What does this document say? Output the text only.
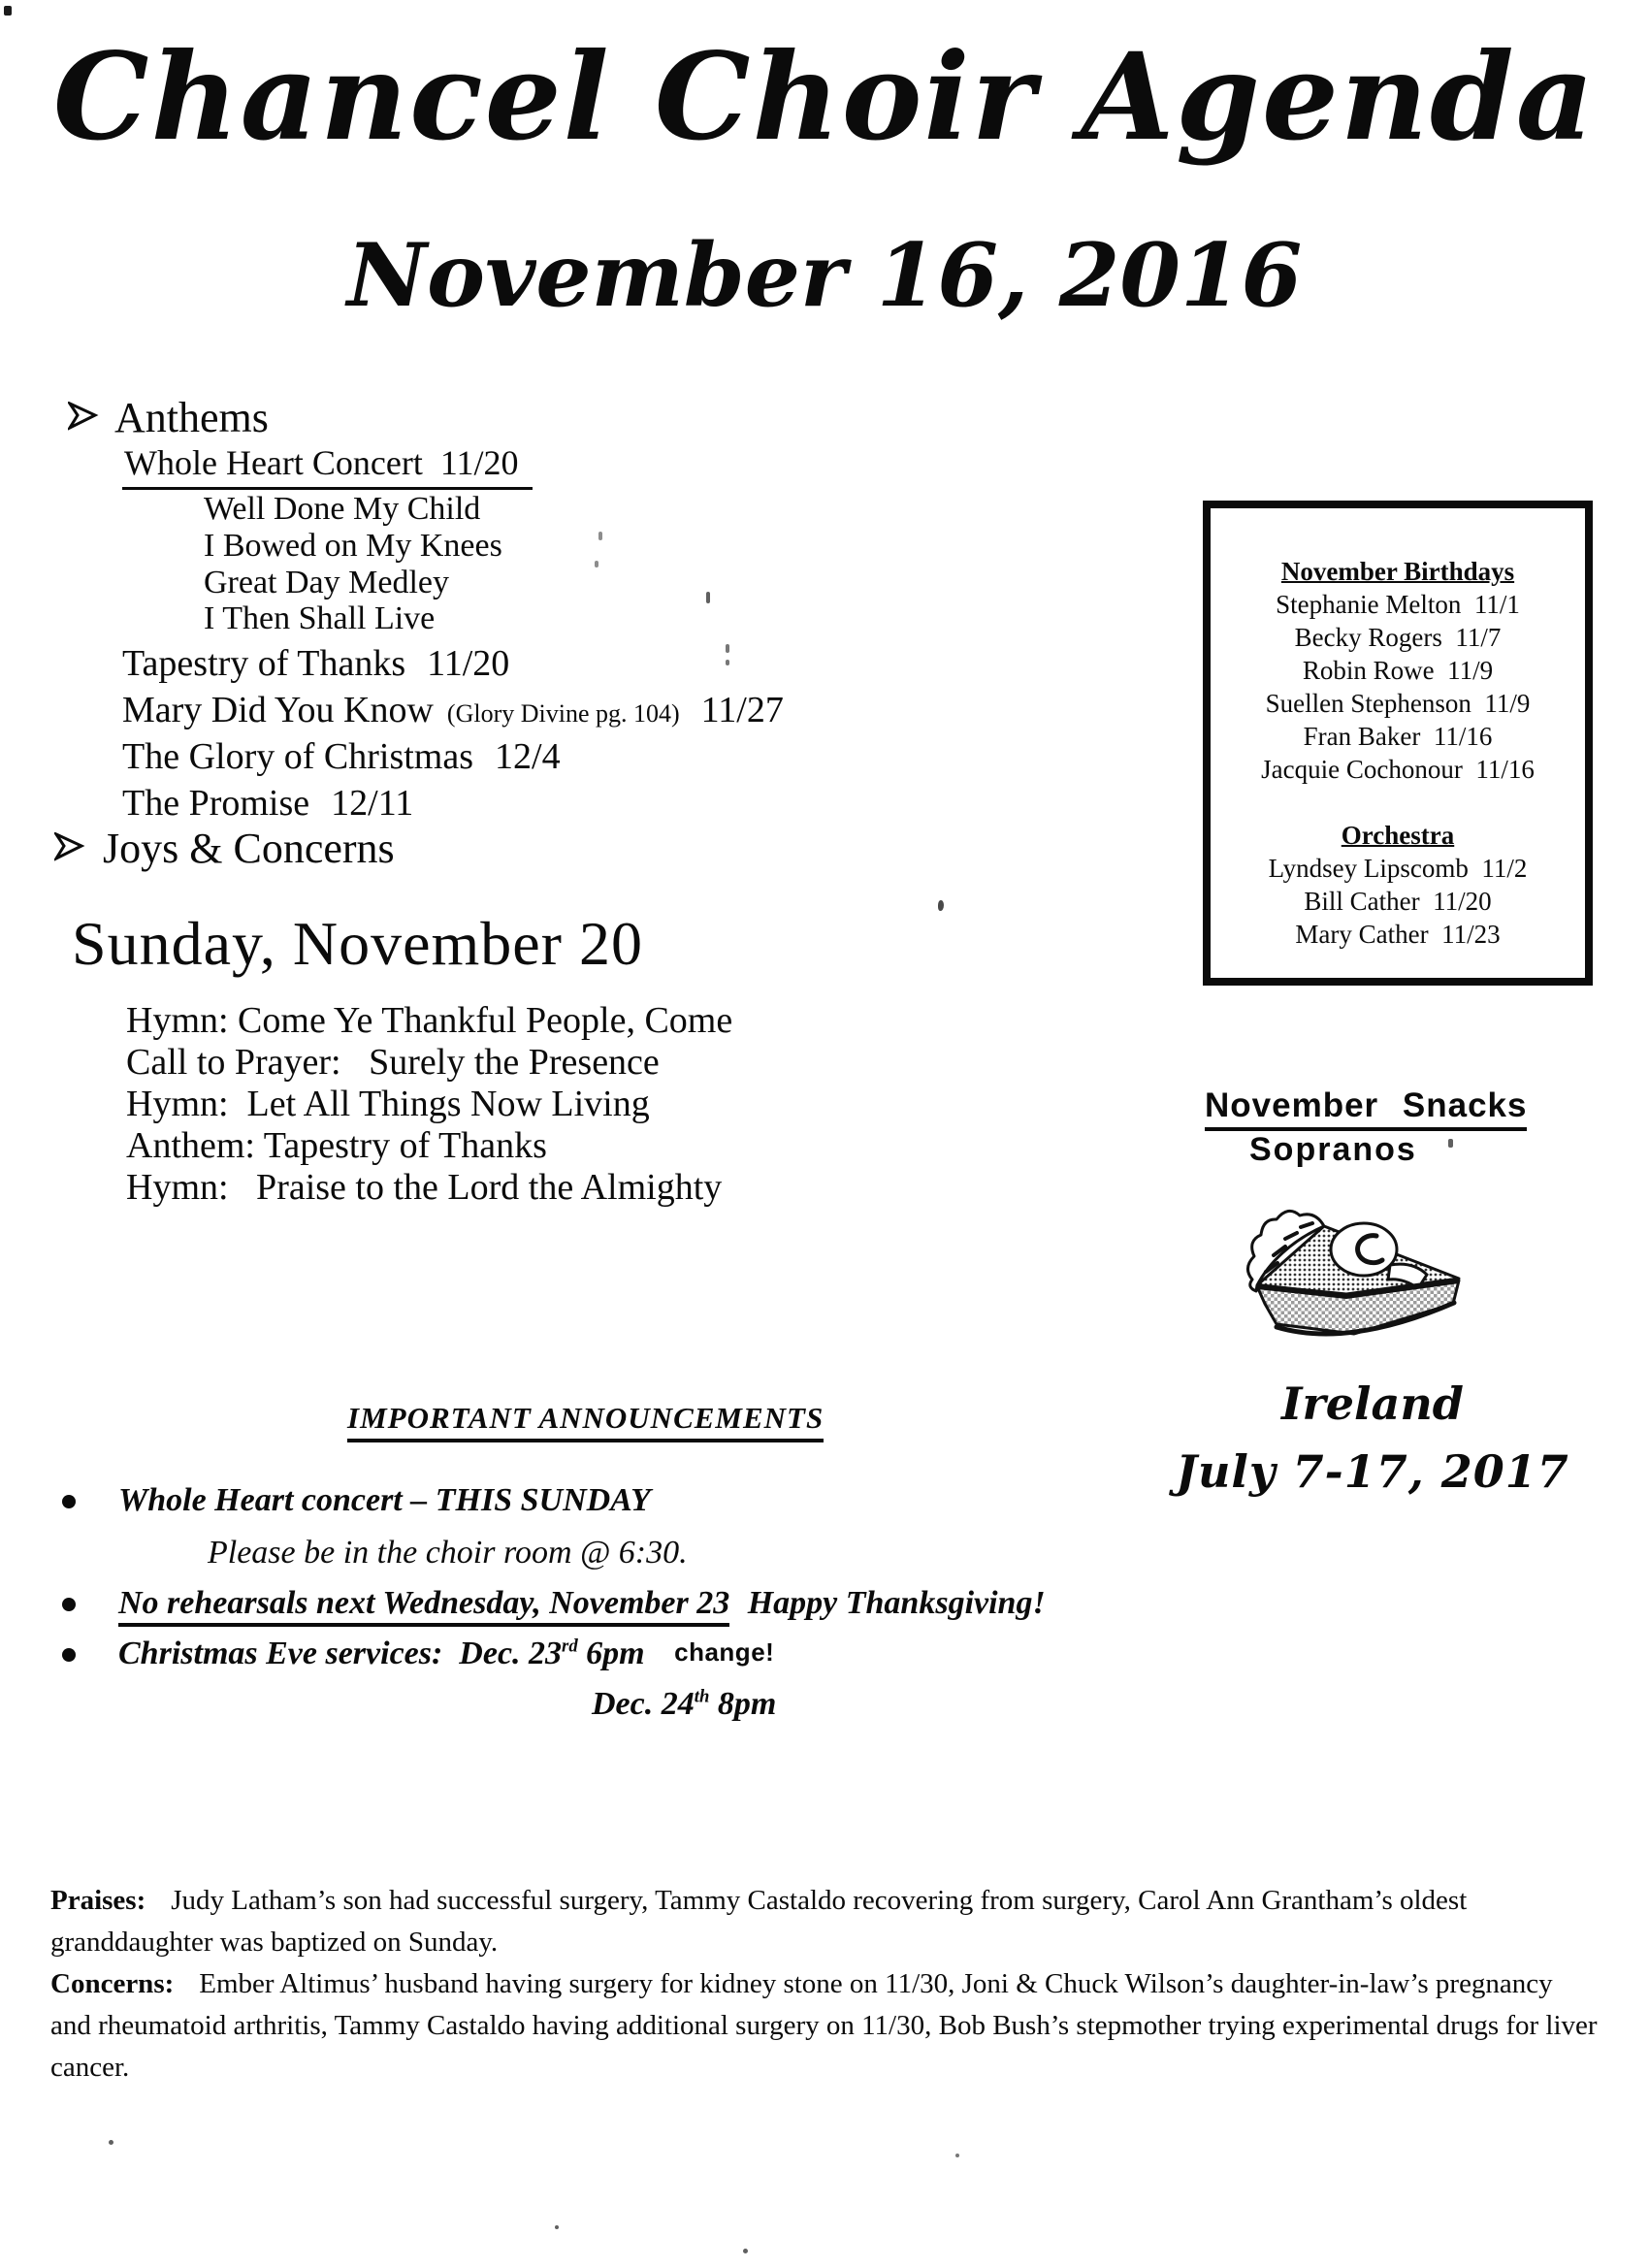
Chancel Choir Agenda
November 16, 2016
Anthems
Whole Heart Concert  11/20
Well Done My Child
I Bowed on My Knees
Great Day Medley
I Then Shall Live
Tapestry of Thanks 11/20
Mary Did You Know (Glory Divine pg. 104) 11/27
The Glory of Christmas 12/4
The Promise 12/11
Joys & Concerns
Sunday, November 20
Hymn: Come Ye Thankful People, Come
Call to Prayer:   Surely the Presence
Hymn:  Let All Things Now Living
Anthem: Tapestry of Thanks
Hymn:   Praise to the Lord the Almighty
November Birthdays
Stephanie Melton 11/1
Becky Rogers 11/7
Robin Rowe 11/9
Suellen Stephenson 11/9
Fran Baker 11/16
Jacquie Cochonour 11/16
Orchestra
Lyndsey Lipscomb 11/2
Bill Cather 11/20
Mary Cather 11/23
November Snacks
Sopranos
Ireland
July 7-17, 2017
IMPORTANT ANNOUNCEMENTS
Whole Heart concert – THIS SUNDAY
Please be in the choir room @ 6:30.
No rehearsals next Wednesday, November 23 Happy Thanksgiving!
Christmas Eve services:  Dec. 23rd 6pm change!
Dec. 24th 8pm
Praises: Judy Latham’s son had successful surgery, Tammy Castaldo recovering from surgery, Carol Ann Grantham’s oldest granddaughter was baptized on Sunday.
Concerns: Ember Altimus’ husband having surgery for kidney stone on 11/30, Joni & Chuck Wilson’s daughter-in-law’s pregnancy and rheumatoid arthritis, Tammy Castaldo having additional surgery on 11/30, Bob Bush’s stepmother trying experimental drugs for liver cancer.
